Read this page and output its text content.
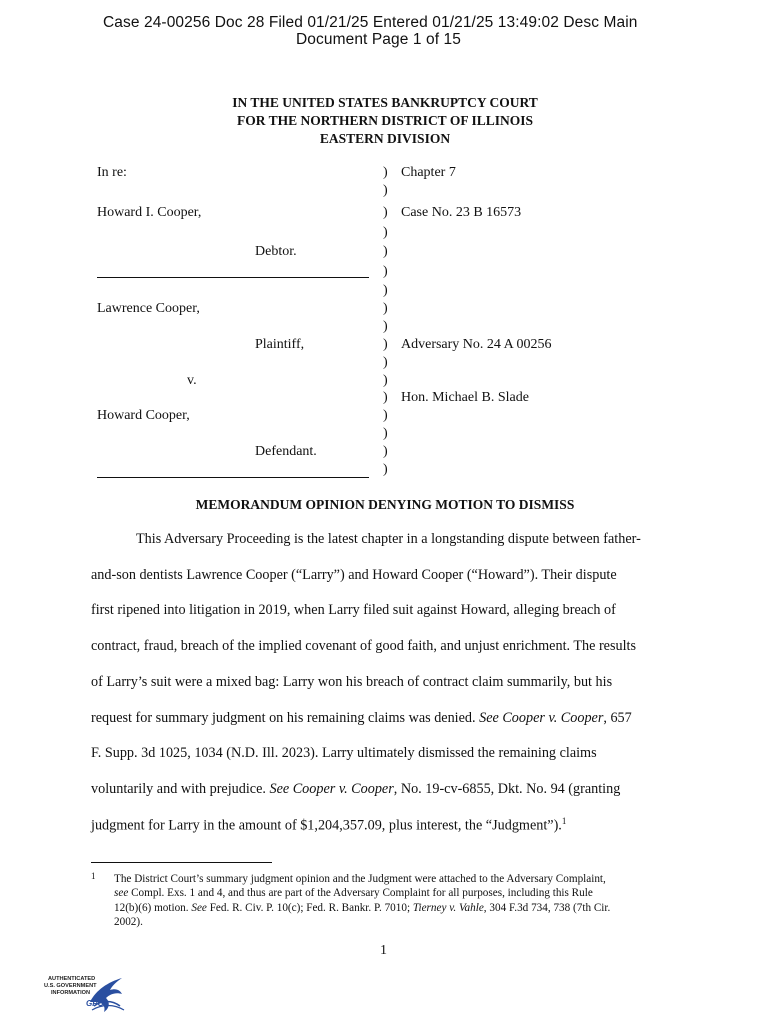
Case 24-00256 Doc 28 Filed 01/21/25 Entered 01/21/25 13:49:02 Desc Main
Document Page 1 of 15
IN THE UNITED STATES BANKRUPTCY COURT
FOR THE NORTHERN DISTRICT OF ILLINOIS
EASTERN DIVISION
In re:
Howard I. Cooper,
Debtor.
Lawrence Cooper,
Plaintiff,
v.
Howard Cooper,
Defendant.
)
)
)
)
)
)
)
)
)
)
)
)
)
)
)
)
)
Chapter 7
Case No. 23 B 16573
Adversary No. 24 A 00256
Hon. Michael B. Slade
MEMORANDUM OPINION DENYING MOTION TO DISMISS
This Adversary Proceeding is the latest chapter in a longstanding dispute between father-
and-son dentists Lawrence Cooper (“Larry”) and Howard Cooper (“Howard”). Their dispute
first ripened into litigation in 2019, when Larry filed suit against Howard, alleging breach of
contract, fraud, breach of the implied covenant of good faith, and unjust enrichment. The results
of Larry’s suit were a mixed bag: Larry won his breach of contract claim summarily, but his
request for summary judgment on his remaining claims was denied. See Cooper v. Cooper, 657
F. Supp. 3d 1025, 1034 (N.D. Ill. 2023). Larry ultimately dismissed the remaining claims
voluntarily and with prejudice. See Cooper v. Cooper, No. 19-cv-6855, Dkt. No. 94 (granting
judgment for Larry in the amount of $1,204,357.09, plus interest, the “Judgment”).$^1$
1 The District Court’s summary judgment opinion and the Judgment were attached to the Adversary Complaint,
see Compl. Exs. 1 and 4, and thus are part of the Adversary Complaint for all purposes, including this Rule
12(b)(6) motion. See Fed. R. Civ. P. 10(c); Fed. R. Bankr. P. 7010; Tierney v. Vahle, 304 F.3d 734, 738 (7th Cir.
2002).
1
AUTHENTICATED
U.S. GOVERNMENT
INFORMATION
GPO
